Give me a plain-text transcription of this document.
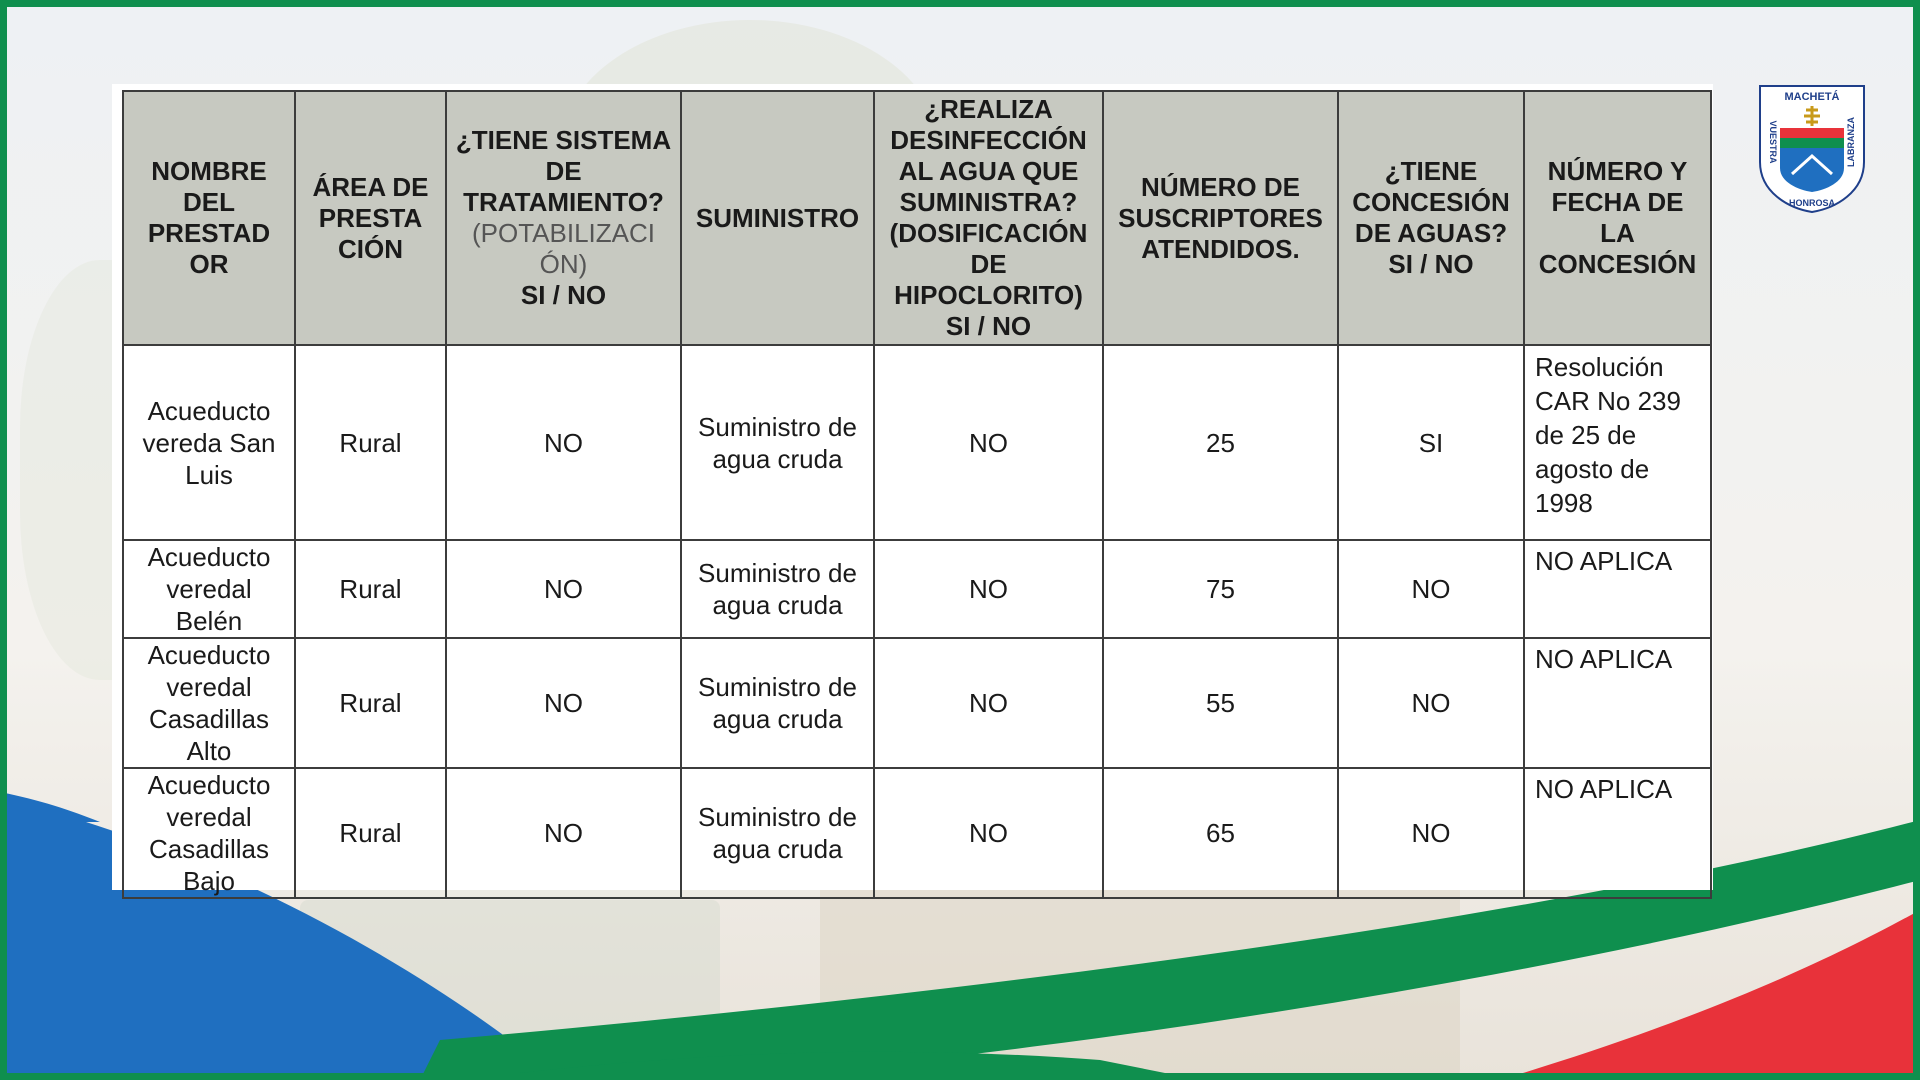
NOMBRE DEL PRESTAD OR	ÁREA DE PRESTA CIÓN	¿TIENE SISTEMA DE TRATAMIENTO?
(POTABILIZACI ÓN)
SI / NO	SUMINISTRO	¿REALIZA DESINFECCIÓN AL AGUA QUE SUMINISTRA? (DOSIFICACIÓN DE HIPOCLORITO) SI / NO	NÚMERO DE SUSCRIPTORES ATENDIDOS.	¿TIENE CONCESIÓN DE AGUAS? SI / NO	NÚMERO Y FECHA DE LA CONCESIÓN
Acueducto vereda San Luis	Rural	NO	Suministro de agua cruda	NO	25	SI	Resolución CAR No 239 de 25 de agosto de 1998
Acueducto veredal Belén	Rural	NO	Suministro de agua cruda	NO	75	NO	NO APLICA
Acueducto veredal Casadillas Alto	Rural	NO	Suministro de agua cruda	NO	55	NO	NO APLICA
Acueducto veredal Casadillas Bajo	Rural	NO	Suministro de agua cruda	NO	65	NO	NO APLICA
MACHETÁ
VUESTRA	LABRANZA
HONROSA
